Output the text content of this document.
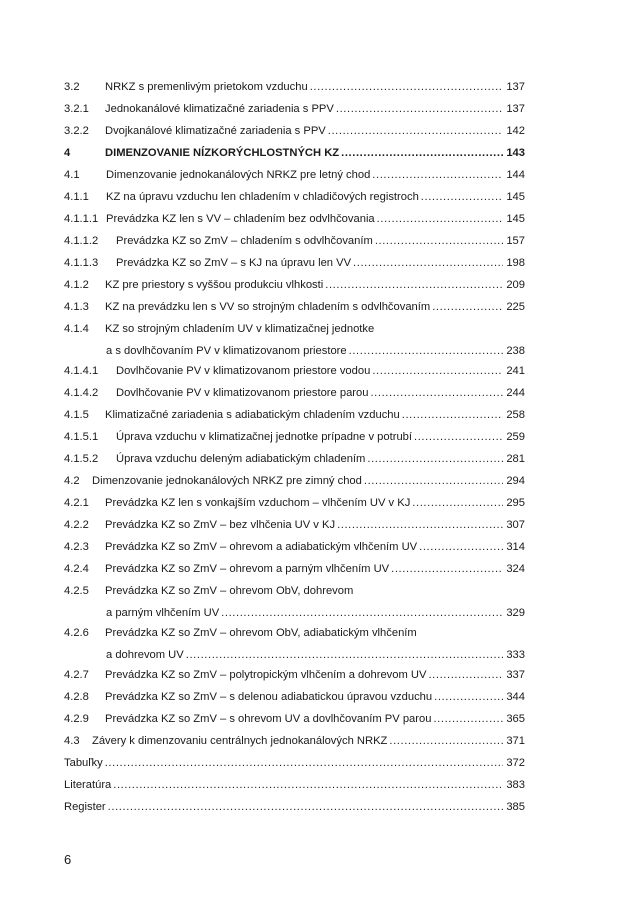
3.2	NRKZ s premenlivým prietokom vzduchu .....	137
3.2.1	Jednokanálové klimatizačné zariadenia s PPV .....	137
3.2.2	Dvojkanálové klimatizačné zariadenia s PPV .....	142
4	DIMENZOVANIE NÍZKORÝCHLOSTNÝCH KZ .....	143
4.1	Dimenzovanie jednokanálových NRKZ pre letný chod .....	144
4.1.1	KZ na úpravu vzduchu len chladením v chladičových registroch .....	145
4.1.1.1 Prevádzka KZ len s VV – chladením bez odvlhčovania .....	145
4.1.1.2	Prevádzka KZ so ZmV – chladením s odvlhčovaním .....	157
4.1.1.3	Prevádzka KZ so ZmV – s KJ na úpravu len VV .....	198
4.1.2	KZ pre priestory s vyššou produkciu vlhkosti .....	209
4.1.3	KZ na prevádzku len s VV so strojným chladením s odvlhčovaním .....	225
4.1.4	KZ so strojným chladením UV v klimatizačnej jednotke
a s dovlhčovaním PV v klimatizovanom priestore .....	238
4.1.4.1	Dovlhčovanie PV v klimatizovanom priestore vodou .....	241
4.1.4.2	Dovlhčovanie PV v klimatizovanom priestore parou .....	244
4.1.5	Klimatizačné zariadenia s adiabatickým chladením vzduchu .....	258
4.1.5.1	Úprava vzduchu v klimatizačnej jednotke prípadne v potrubí .....	259
4.1.5.2	Úprava vzduchu deleným adiabatickým chladením .....	281
4.2	Dimenzovanie jednokanálových NRKZ pre zimný chod .....	294
4.2.1	Prevádzka KZ len s vonkajším vzduchom – vlhčením UV v KJ .....	295
4.2.2	Prevádzka KZ so ZmV – bez vlhčenia UV v KJ .....	307
4.2.3	Prevádzka KZ so ZmV – ohrevom a adiabatickým vlhčením UV .....	314
4.2.4	Prevádzka KZ so ZmV – ohrevom a parným vlhčením UV .....	324
4.2.5	Prevádzka KZ so ZmV – ohrevom ObV, dohrevom
a parným vlhčením UV .....	329
4.2.6	Prevádzka KZ so ZmV – ohrevom ObV, adiabatickým vlhčením
a dohrevom UV .....	333
4.2.7	Prevádzka KZ so ZmV – polytropickým vlhčením a dohrevom UV .....	337
4.2.8	Prevádzka KZ so ZmV – s delenou adiabatickou úpravou vzduchu .....	344
4.2.9	Prevádzka KZ so ZmV – s ohrevom UV a dovlhčovaním PV parou .....	365
4.3	Závery k dimenzovaniu centrálnych jednokanálových NRKZ .....	371
Tabuľky .....	372
Literatúra .....	383
Register .....	385
6
